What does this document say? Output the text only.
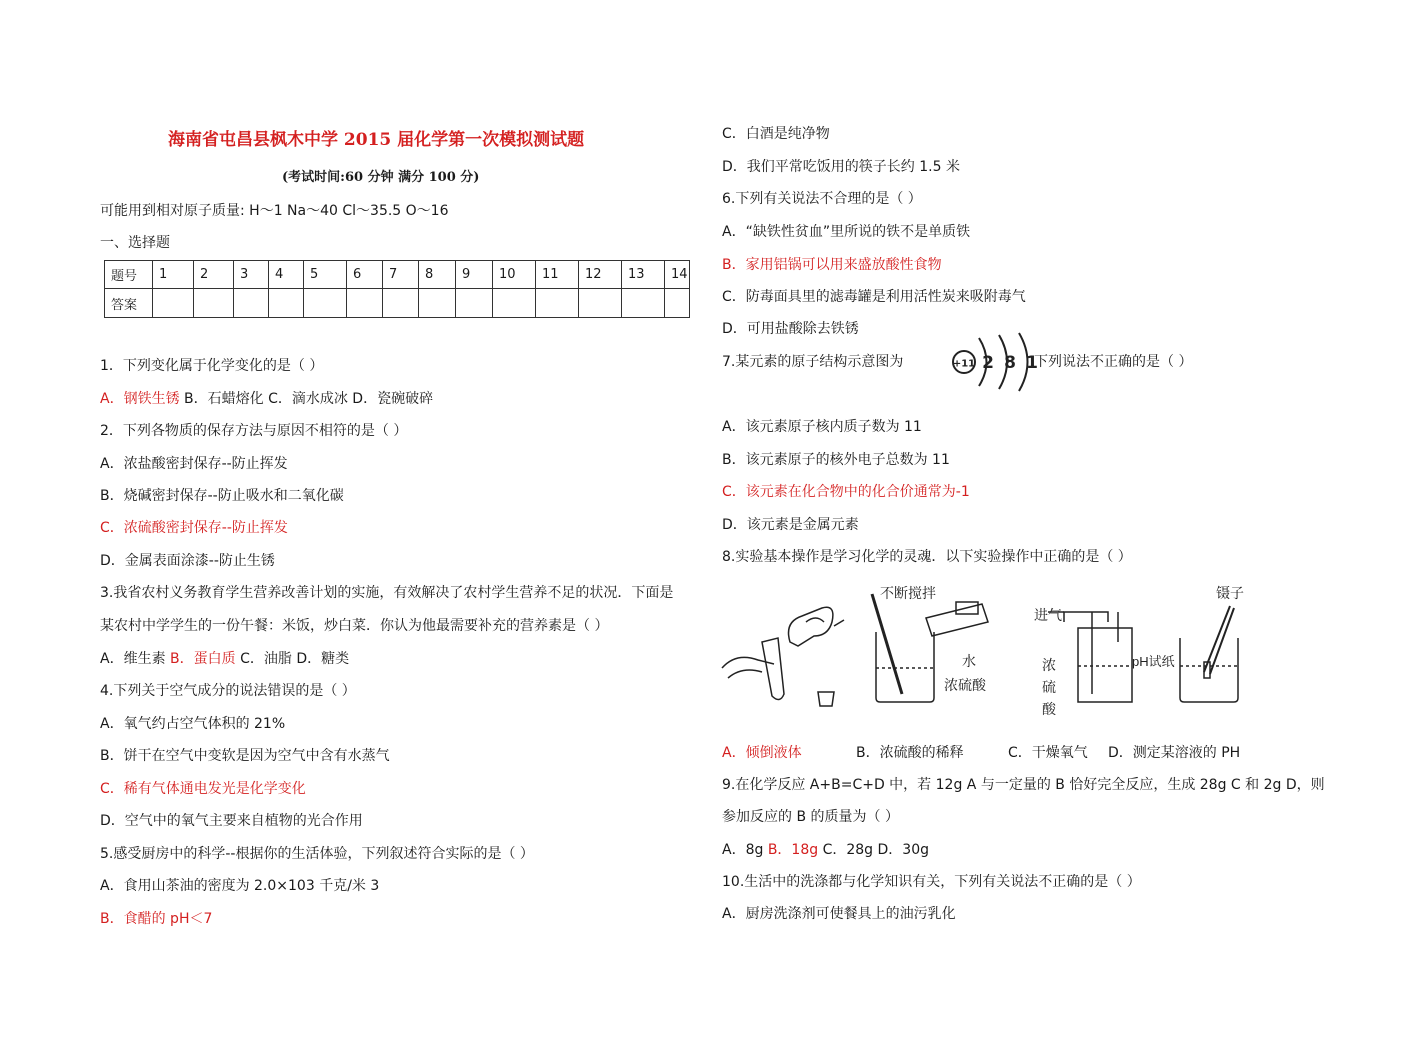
海南省屯昌县枫木中学 2015 届化学第一次模拟测试题
(考试时间:60 分钟 满分 100 分)
可能用到相对原子质量: H～1 Na～40 Cl～35.5 O～16
一、选择题
题号	1	2	3	4	5	6	7	8	9	10	11	12	13	14
答案														
1．下列变化属于化学变化的是（ ）
A．钢铁生锈 B．石蜡熔化 C．滴水成冰 D．瓷碗破碎
2．下列各物质的保存方法与原因不相符的是（ ）
A．浓盐酸密封保存--防止挥发
B．烧碱密封保存--防止吸水和二氧化碳
C．浓硫酸密封保存--防止挥发
D．金属表面涂漆--防止生锈
3.我省农村义务教育学生营养改善计划的实施，有效解决了农村学生营养不足的状况．下面是
某农村中学学生的一份午餐：米饭，炒白菜．你认为他最需要补充的营养素是（ ）
A．维生素 B．蛋白质 C．油脂 D．糖类
4.下列关于空气成分的说法错误的是（ ）
A．氧气约占空气体积的 21%
B．饼干在空气中变软是因为空气中含有水蒸气
C．稀有气体通电发光是化学变化
D．空气中的氧气主要来自植物的光合作用
5.感受厨房中的科学--根据你的生活体验，下列叙述符合实际的是（ ）
A．食用山茶油的密度为 2.0×103 千克/米 3
B．食醋的 pH＜7
C．白酒是纯净物
D．我们平常吃饭用的筷子长约 1.5 米
6.下列有关说法不合理的是（ ）
A．“缺铁性贫血”里所说的铁不是单质铁
B．家用铝锅可以用来盛放酸性食物
C．防毒面具里的滤毒罐是利用活性炭来吸附毒气
D．可用盐酸除去铁锈
7.某元素的原子结构示意图为	+11 2 8 1
下列说法不正确的是（ ）
A．该元素原子核内质子数为 11
B．该元素原子的核外电子总数为 11
C．该元素在化合物中的化合价通常为-1
D．该元素是金属元素
8.实验基本操作是学习化学的灵魂．以下实验操作中正确的是（ ）
不断搅拌
水
浓硫酸
进气
浓
硫
酸
镊子
pH试纸
A．倾倒液体	B．浓硫酸的稀释	C．干燥氧气 D．测定某溶液的 PH
9.在化学反应 A+B=C+D 中，若 12g A 与一定量的 B 恰好完全反应，生成 28g C 和 2g D，则
参加反应的 B 的质量为（ ）
A．8g B．18g C．28g D．30g
10.生活中的洗涤都与化学知识有关，下列有关说法不正确的是（ ）
A．厨房洗涤剂可使餐具上的油污乳化
